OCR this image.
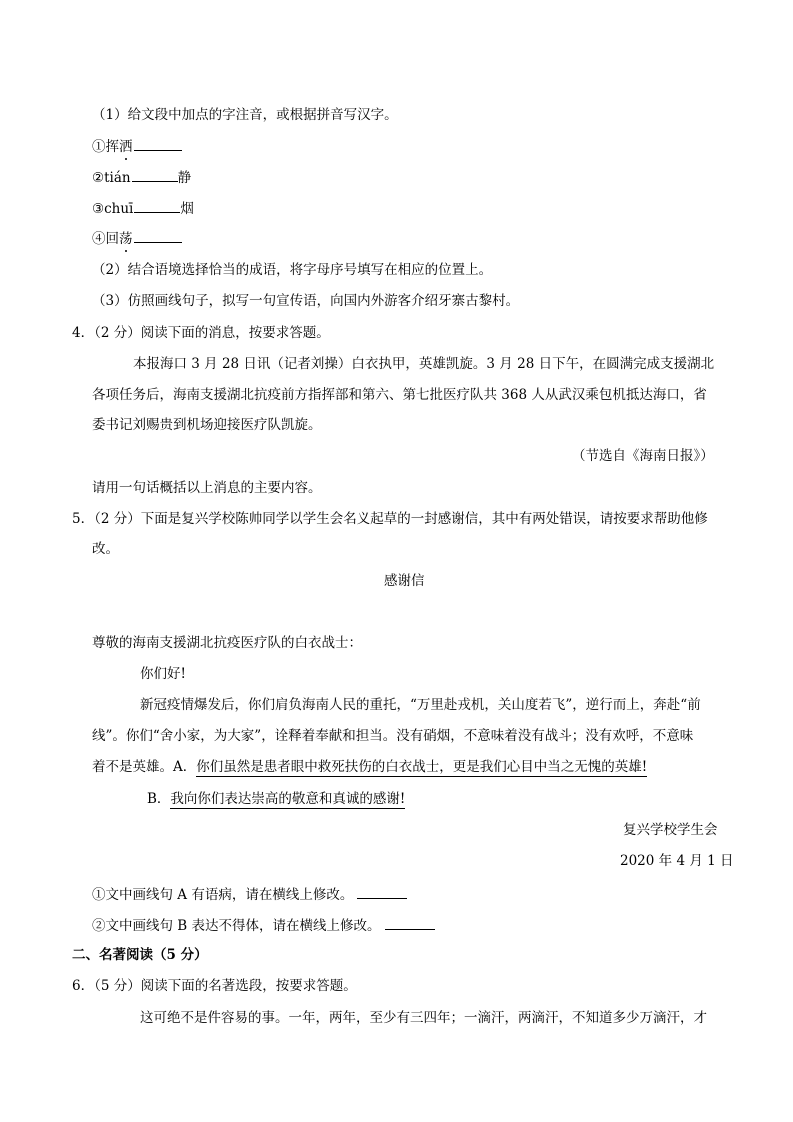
（1）给文段中加点的字注音，或根据拼音写汉字。
①挥洒
②tián	静
③chuī	烟
④回荡
（2）结合语境选择恰当的成语，将字母序号填写在相应的位置上。
（3）仿照画线句子，拟写一句宣传语，向国内外游客介绍牙寨古黎村。
4．（2 分）阅读下面的消息，按要求答题。
本报海口 3 月 28 日讯（记者刘操）白衣执甲，英雄凯旋。3 月 28 日下午，在圆满完成支援湖北
各项任务后，海南支援湖北抗疫前方指挥部和第六、第七批医疗队共 368 人从武汉乘包机抵达海口，省
委书记刘赐贵到机场迎接医疗队凯旋。
（节选自《海南日报》）
请用一句话概括以上消息的主要内容。
5．（2 分）下面是复兴学校陈帅同学以学生会名义起草的一封感谢信，其中有两处错误，请按要求帮助他修
改。
感谢信
尊敬的海南支援湖北抗疫医疗队的白衣战士：
你们好!
新冠疫情爆发后，你们肩负海南人民的重托，“万里赴戎机，关山度若飞”，逆行而上，奔赴“前
线”。你们“舍小家，为大家”，诠释着奉献和担当。没有硝烟，不意味着没有战斗；没有欢呼，不意味
着不是英雄。A．你们虽然是患者眼中救死扶伤的白衣战士，更是我们心目中当之无愧的英雄!
B．我向你们表达崇高的敬意和真诚的感谢!
复兴学校学生会
2020 年 4 月 1 日
①文中画线句 A 有语病，请在横线上修改。
②文中画线句 B 表达不得体，请在横线上修改。
二、名著阅读（5 分）
6．（5 分）阅读下面的名著选段，按要求答题。
这可绝不是件容易的事。一年，两年，至少有三四年；一滴汗，两滴汗，不知道多少万滴汗，才
